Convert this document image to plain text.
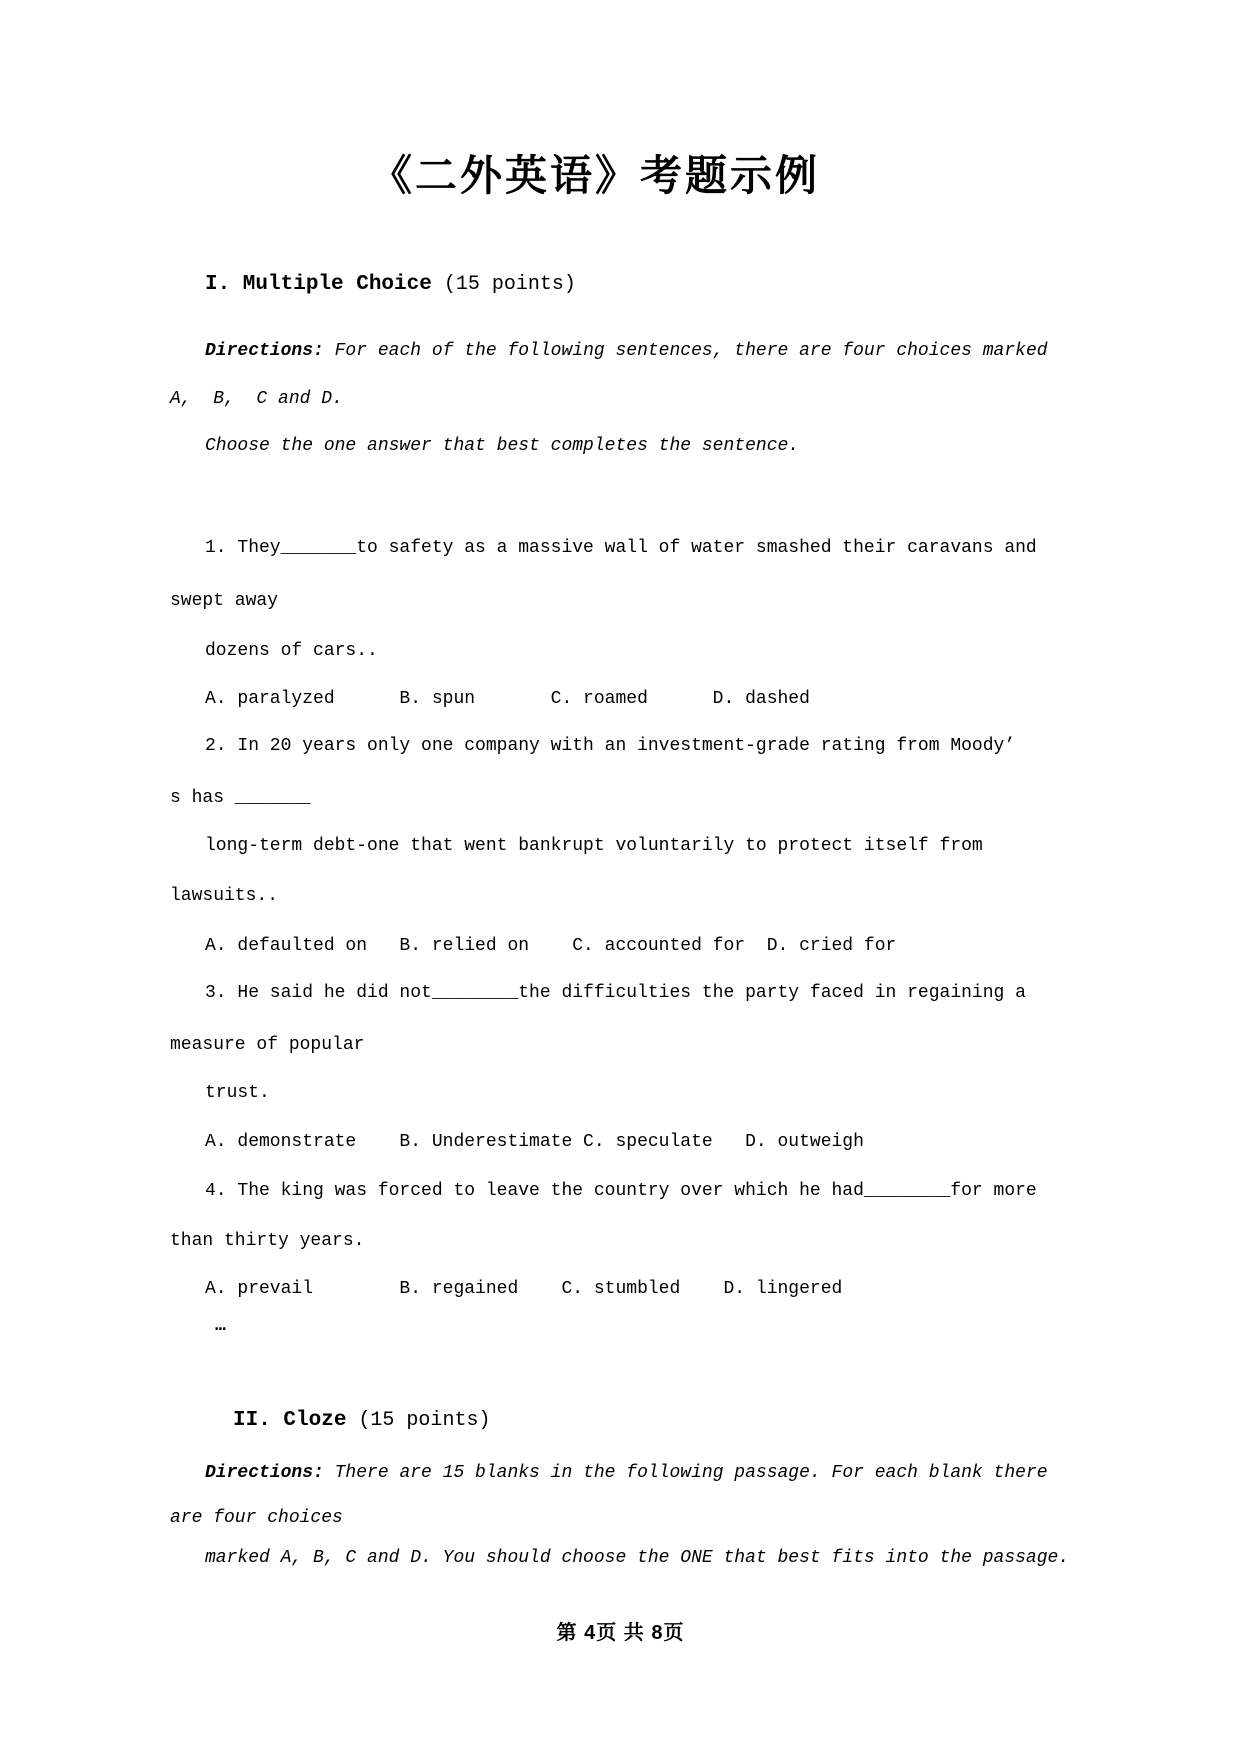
《二外英语》考题示例
I. Multiple Choice (15 points)
Directions: For each of the following sentences, there are four choices marked
A,  B,  C and D.
Choose the one answer that best completes the sentence.
1. They_______to safety as a massive wall of water smashed their caravans and
swept away
dozens of cars..
A. paralyzed      B. spun       C. roamed      D. dashed
2. In 20 years only one company with an investment-grade rating from Moody’
s has _______
long-term debt-one that went bankrupt voluntarily to protect itself from
lawsuits..
A. defaulted on   B. relied on    C. accounted for  D. cried for
3. He said he did not________the difficulties the party faced in regaining a
measure of popular
trust.
A. demonstrate    B. Underestimate C. speculate   D. outweigh
4. The king was forced to leave the country over which he had________for more
than thirty years.
A. prevail        B. regained    C. stumbled    D. lingered
…
II. Cloze (15 points)
Directions: There are 15 blanks in the following passage. For each blank there
are four choices
marked A, B, C and D. You should choose the ONE that best fits into the passage.
第 4页 共 8页
